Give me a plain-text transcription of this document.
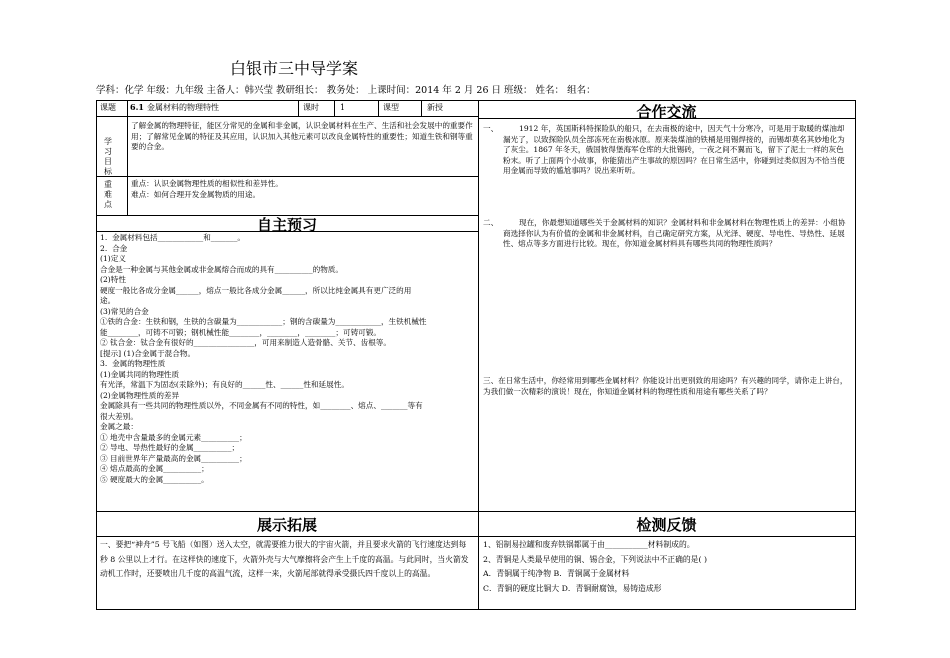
白银市三中导学案
学科：化学 年级：九年级 主备人：韩兴莹 教研组长： 教务处： 上课时间：2014 年 2 月 26 日 班级： 姓名： 组名：
课题 6.1 金属材料的物理特性	课时	1	课型	新授
学习目标
了解金属的物理特征，能区分常见的金属和非金属，认识金属材料在生产、生活和社会发展中的重要作用；了解常见金属的特征及其应用，认识加入其他元素可以改良金属特性的重要性；知道生铁和钢等重要的合金。
重难点
重点：认识金属物理性质的相似性和差异性。
难点：如何合理开发金属物质的用途。
自主预习
合作交流
展示拓展	检测反馈
1.  金属材料包括____________和_______。
2.  合金
(1)定义
合金是一种金属与其他金属或非金属熔合而成的具有__________的物质。
(2)特性
硬度一般比各成分金属______，熔点一般比各成分金属______，所以比纯金属具有更广泛的用
途。
(3)常见的合金
①铁的合金：生铁和钢，生铁的含碳量为____________；钢的含碳量为____________，生铁机械性
能________，可铸不可锻；钢机械性能________，________，________；可铸可锻。
② 钛合金：钛合金有很好的________________，可用来制造人造骨骼、关节、齿根等。
[提示] (1)合金属于混合物。
3.  金属的物理性质
(1)金属共同的物理性质
有光泽，常温下为固态(汞除外)；有良好的______性、______性和延展性。
(2)金属物理性质的差异
金属除具有一些共同的物理性质以外，不同金属有不同的特性，如________、熔点、_______等有
很大差别。
金属之最：
① 地壳中含量最多的金属元素__________；
② 导电、导热性最好的金属__________；
③ 目前世界年产量最高的金属__________；
④ 熔点最高的金属__________；
⑤ 硬度最大的金属__________。
一、	1912 年，英国斯科特探险队的船只，在去南极的途中，因天气十分寒冷，可是用于取暖的煤油却漏光了，以致探险队员全部冻死在南极冰原。原来装煤油的铁桶是用锡焊接的，而锡却莫名其妙地化为了灰尘。1867 年冬天，俄国彼得堡海军仓库的大批锡砖，一夜之间不翼而飞，留下了泥土一样的灰色粉末。听了上面两个小故事，你能猜出产生事故的原因吗？在日常生活中，你碰到过类似因为不恰当使用金属而导致的尴尬事吗？说出来听听。
二、	现在，你最想知道哪些关于金属材料的知识？金属材料和非金属材料在物理性质上的差异：小组协商选择你认为有价值的金属和非金属材料，自己确定研究方案，从光泽、硬度、导电性、导热性、延展性、熔点等多方面进行比较。现在，你知道金属材料具有哪些共同的物理性质吗？
三、在日常生活中，你经常用到哪些金属材料？你能设计出更别致的用途吗？有兴趣的同学，请你走上讲台，为我们做一次精彩的演说！现在，你知道金属材料的物理性质和用途有哪些关系了吗？
一、要把“神舟”5 号飞船（如图）送入太空，就需要推力很大的宇宙火箭，并且要求火箭的飞行速度达到每秒 8 公里以上才行。在这样快的速度下，火箭外壳与大气摩擦将会产生上千度的高温。与此同时，当火箭发动机工作时，还要喷出几千度的高温气流，这样一来，火箭尾部就得承受摄氏四千度以上的高温。
1、铝制易拉罐和废弃铁锅都属于由___________材料制成的。
2、青铜是人类最早使用的铜、锡合金，下列说法中不正确的是( )
A．青铜属于纯净物 B．青铜属于金属材料
C．青铜的硬度比铜大 D．青铜耐腐蚀，易铸造成形
